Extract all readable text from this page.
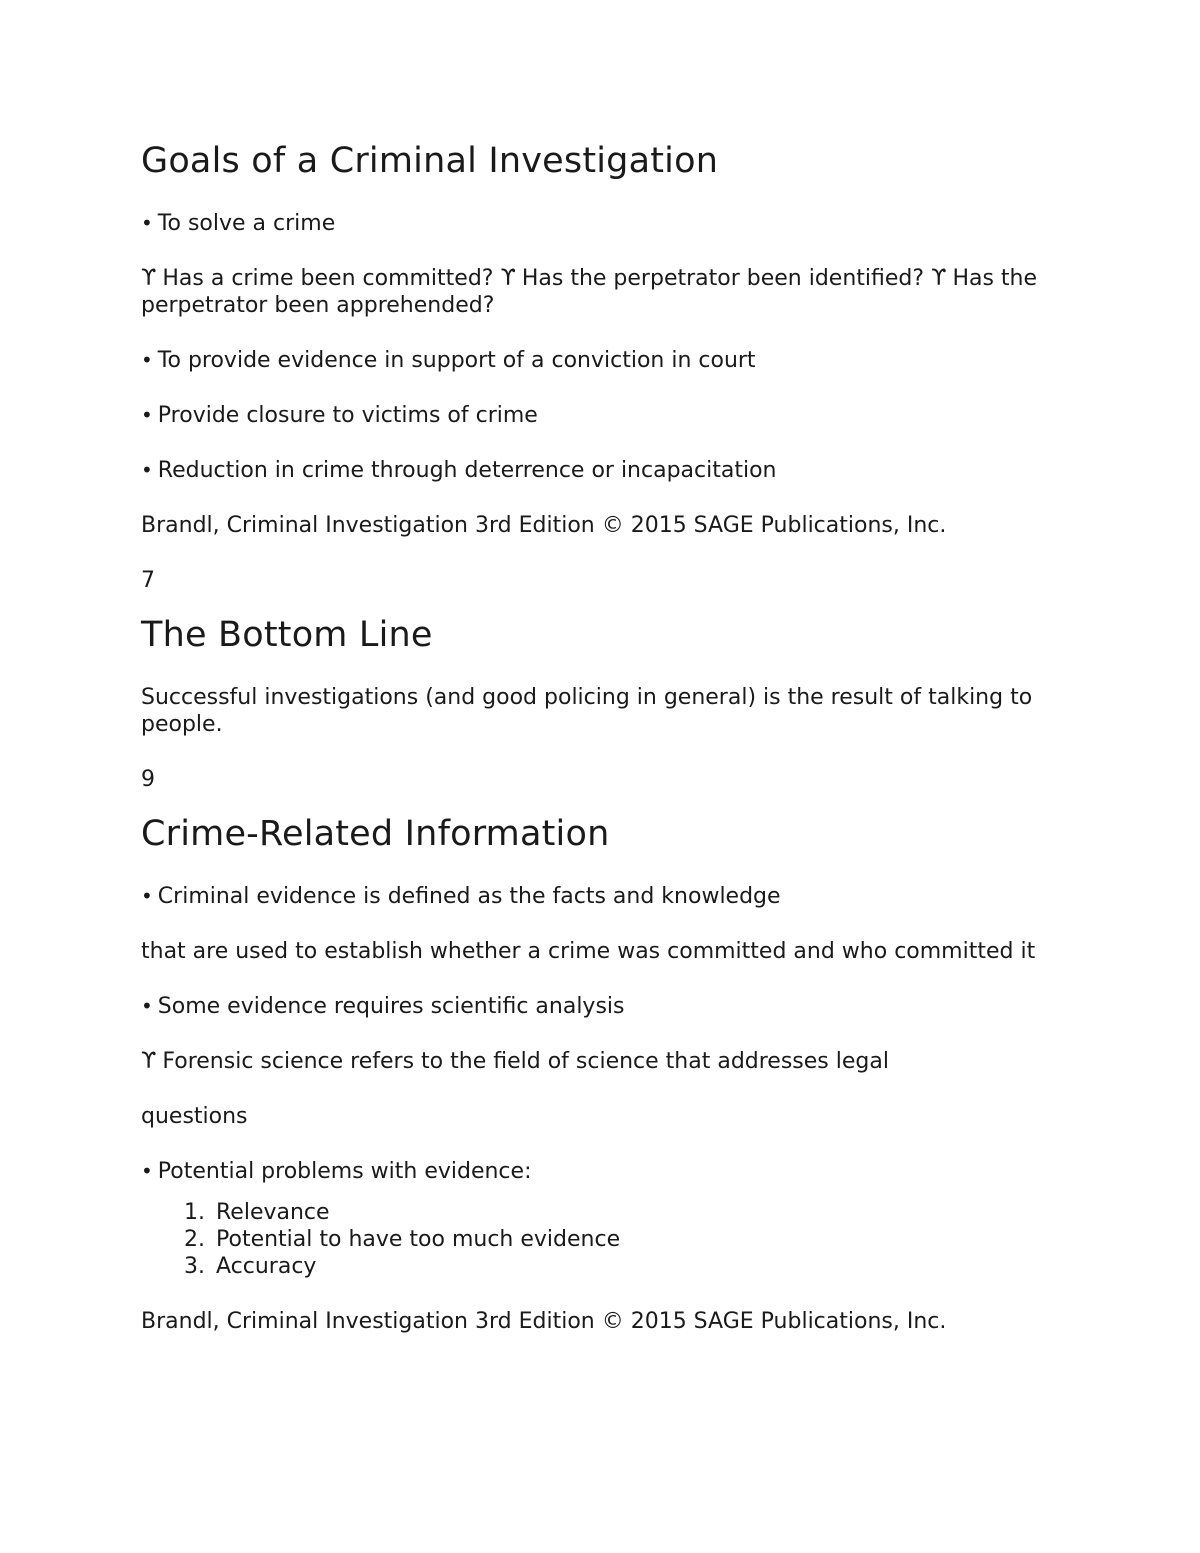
Goals of a Criminal Investigation

• To solve a crime

ϒ Has a crime been committed? ϒ Has the perpetrator been identified? ϒ Has the perpetrator been apprehended?

• To provide evidence in support of a conviction in court

• Provide closure to victims of crime

• Reduction in crime through deterrence or incapacitation

Brandl, Criminal Investigation 3rd Edition © 2015 SAGE Publications, Inc.

7

The Bottom Line

Successful investigations (and good policing in general) is the result of talking to people.

9

Crime-Related Information

• Criminal evidence is defined as the facts and knowledge

that are used to establish whether a crime was committed and who committed it

• Some evidence requires scientific analysis

ϒ Forensic science refers to the field of science that addresses legal

questions

• Potential problems with evidence:

1. Relevance
2. Potential to have too much evidence
3. Accuracy

Brandl, Criminal Investigation 3rd Edition © 2015 SAGE Publications, Inc.
